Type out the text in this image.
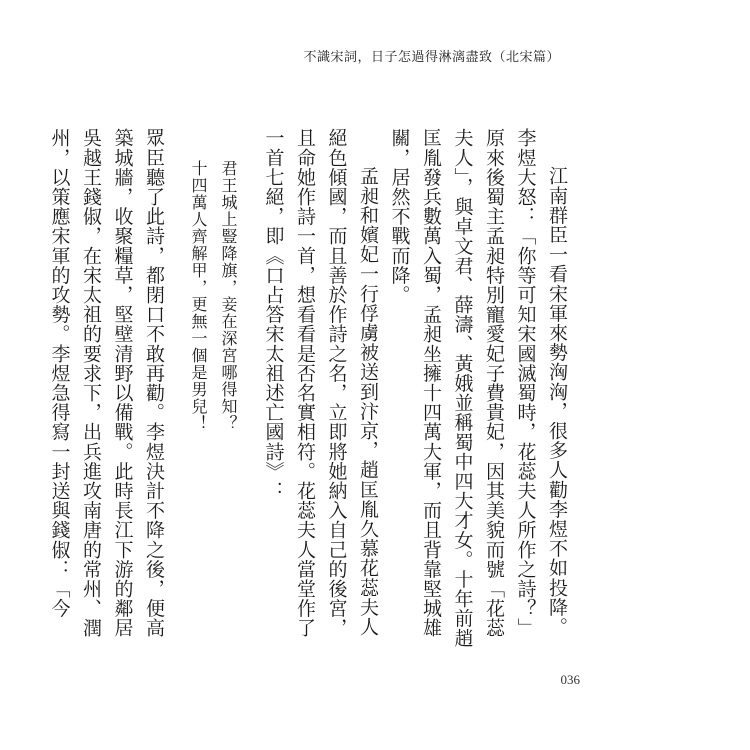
不識宋詞，日子怎過得淋漓盡致（北宋篇）

江南群臣一看宋軍來勢洶洶，很多人勸李煜不如投降。李煜大怒：「你等可知宋國滅蜀時，花蕊夫人所作之詩？」原來後蜀主孟昶特別寵愛妃子費貴妃，因其美貌而號「花蕊夫人」，與卓文君、薛濤、黃娥並稱蜀中四大才女。十年前趙匡胤發兵數萬入蜀，孟昶坐擁十四萬大軍，而且背靠堅城雄關，居然不戰而降。

孟昶和嬪妃一行俘虜被送到汴京，趙匡胤久慕花蕊夫人絕色傾國，而且善於作詩之名，立即將她納入自己的後宮，且命她作詩一首，想看看是否名實相符。花蕊夫人當堂作了一首七絕，即《口占答宋太祖述亡國詩》：

君王城上豎降旗，妾在深宮哪得知？
十四萬人齊解甲，更無一個是男兒！

眾臣聽了此詩，都閉口不敢再勸。李煜決計不降之後，便高築城牆，收聚糧草，堅壁清野以備戰。此時長江下游的鄰居吳越王錢俶，在宋太祖的要求下，出兵進攻南唐的常州、潤州，以策應宋軍的攻勢。李煜急得寫一封送與錢俶：「今

036
